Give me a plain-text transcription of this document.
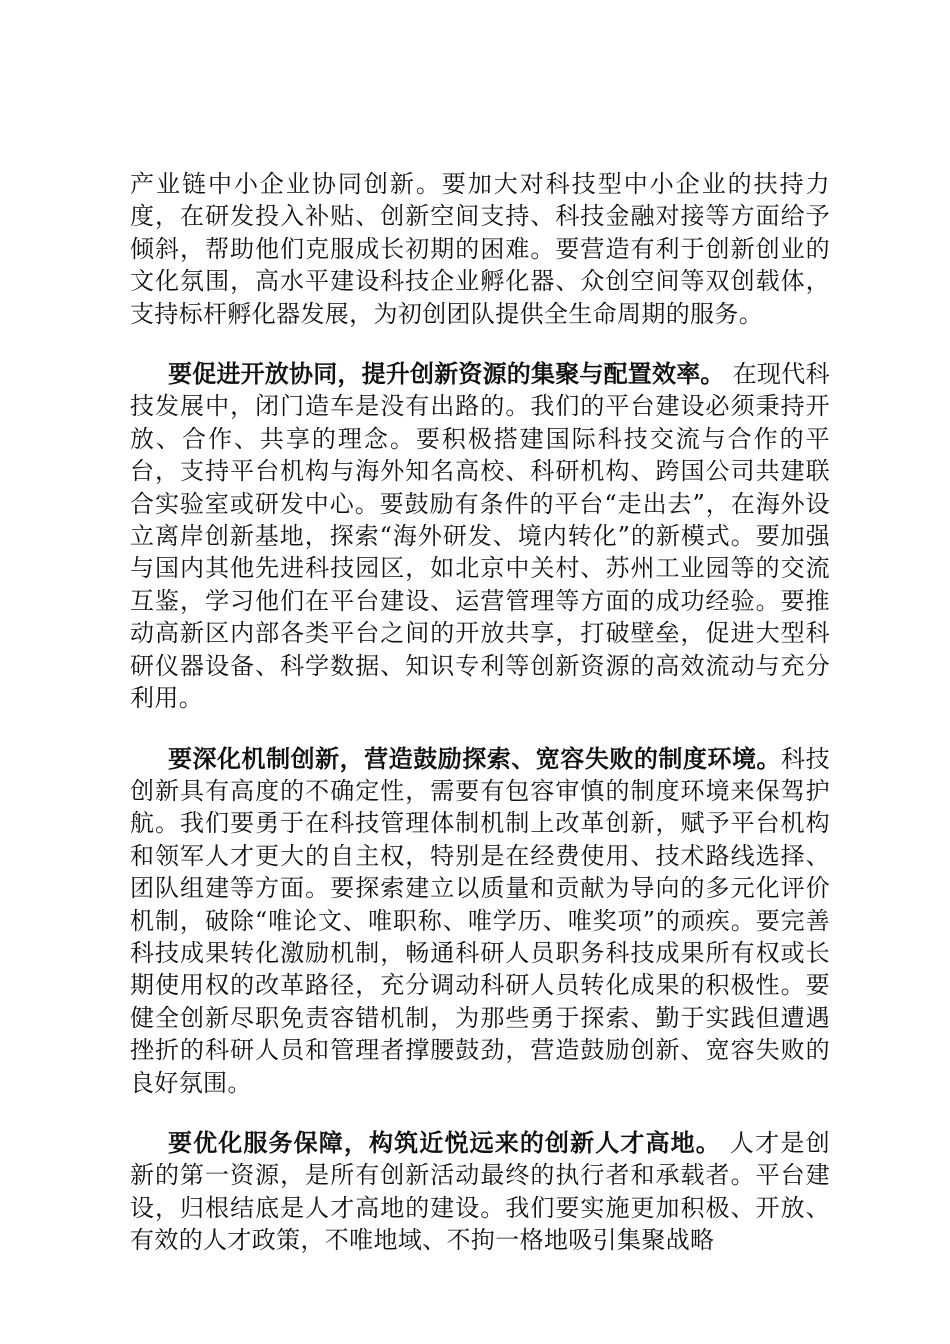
产业链中小企业协同创新。要加大对科技型中小企业的扶持力度，在研发投入补贴、创新空间支持、科技金融对接等方面给予倾斜，帮助他们克服成长初期的困难。要营造有利于创新创业的文化氛围，高水平建设科技企业孵化器、众创空间等双创载体，支持标杆孵化器发展，为初创团队提供全生命周期的服务。

要促进开放协同，提升创新资源的集聚与配置效率。 在现代科技发展中，闭门造车是没有出路的。我们的平台建设必须秉持开放、合作、共享的理念。要积极搭建国际科技交流与合作的平台，支持平台机构与海外知名高校、科研机构、跨国公司共建联合实验室或研发中心。要鼓励有条件的平台“走出去”，在海外设立离岸创新基地，探索“海外研发、境内转化”的新模式。要加强与国内其他先进科技园区，如北京中关村、苏州工业园等的交流互鉴，学习他们在平台建设、运营管理等方面的成功经验。要推动高新区内部各类平台之间的开放共享，打破壁垒，促进大型科研仪器设备、科学数据、知识专利等创新资源的高效流动与充分利用。

要深化机制创新，营造鼓励探索、宽容失败的制度环境。科技创新具有高度的不确定性，需要有包容审慎的制度环境来保驾护航。我们要勇于在科技管理体制机制上改革创新，赋予平台机构和领军人才更大的自主权，特别是在经费使用、技术路线选择、团队组建等方面。要探索建立以质量和贡献为导向的多元化评价机制，破除“唯论文、唯职称、唯学历、唯奖项”的顽疾。要完善科技成果转化激励机制，畅通科研人员职务科技成果所有权或长期使用权的改革路径，充分调动科研人员转化成果的积极性。要健全创新尽职免责容错机制，为那些勇于探索、勤于实践但遭遇挫折的科研人员和管理者撑腰鼓劲，营造鼓励创新、宽容失败的良好氛围。

要优化服务保障，构筑近悦远来的创新人才高地。 人才是创新的第一资源，是所有创新活动最终的执行者和承载者。平台建设，归根结底是人才高地的建设。我们要实施更加积极、开放、有效的人才政策，不唯地域、不拘一格地吸引集聚战略
